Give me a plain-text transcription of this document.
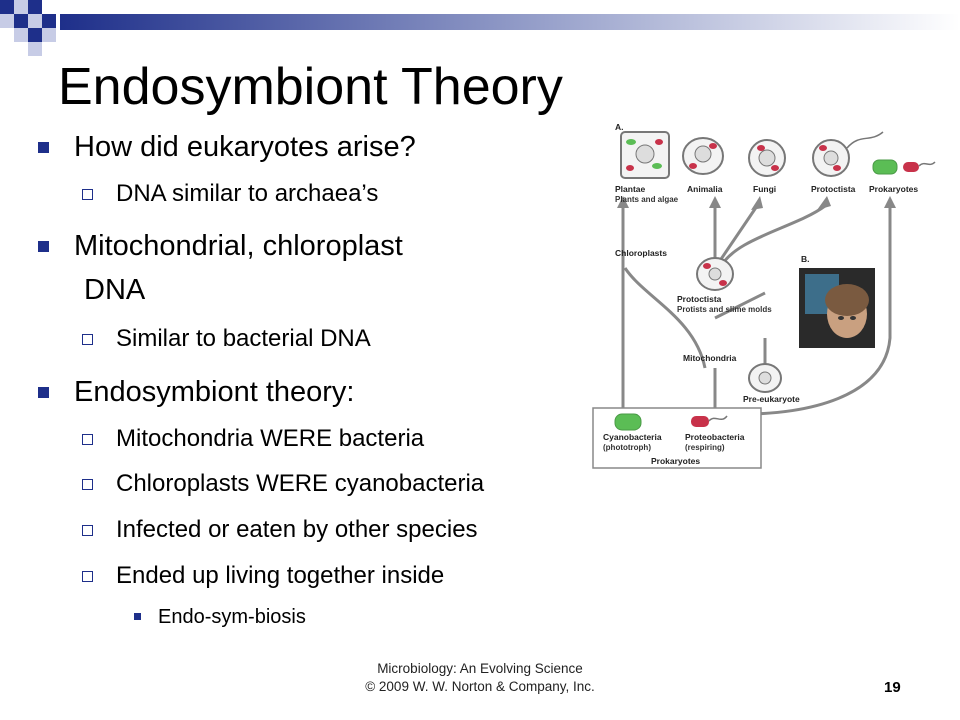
Endosymbiont Theory
How did eukaryotes arise?
DNA similar to archaea’s
Mitochondrial, chloroplast
DNA
Similar to bacterial DNA
Endosymbiont theory:
Mitochondria WERE bacteria
Chloroplasts WERE cyanobacteria
Infected or eaten by other species
Ended up living together inside
Endo-sym-biosis
A.
Plantae
Plants and algae
Animalia	Fungi	Protoctista Prokaryotes
Chloroplasts
B.
Protoctista
Protists and slime molds
Mitochondria
Pre-eukaryote
Cyanobacteria
(phototroph)
Proteobacteria
(respiring)
Prokaryotes
Microbiology: An Evolving Science
© 2009 W. W. Norton & Company, Inc.	19
